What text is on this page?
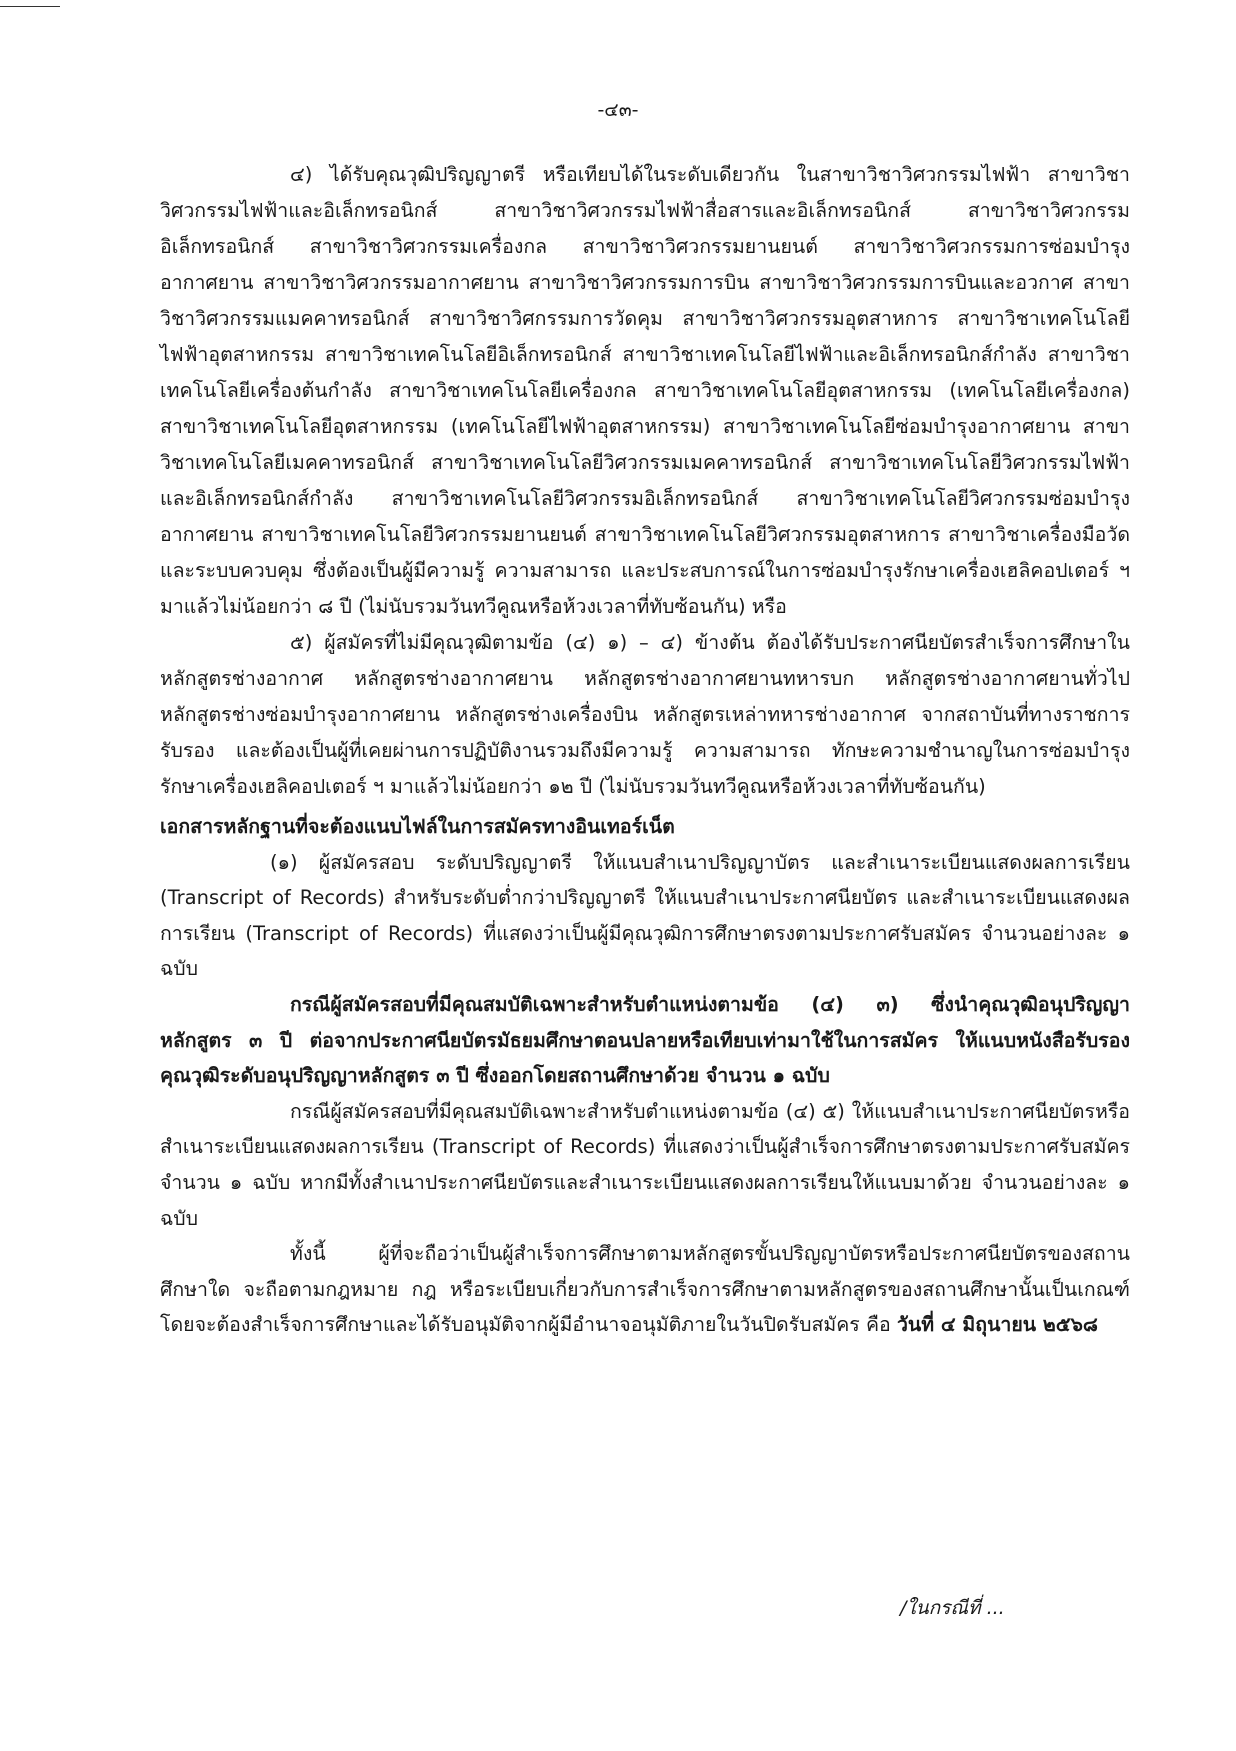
-๔๓-

๔) ได้รับคุณวุฒิปริญญาตรี หรือเทียบได้ในระดับเดียวกัน ในสาขาวิชาวิศวกรรมไฟฟ้า สาขาวิชาวิศวกรรมไฟฟ้าและอิเล็กทรอนิกส์ สาขาวิชาวิศวกรรมไฟฟ้าสื่อสารและอิเล็กทรอนิกส์ สาขาวิชาวิศวกรรมอิเล็กทรอนิกส์ สาขาวิชาวิศวกรรมเครื่องกล สาขาวิชาวิศวกรรมยานยนต์ สาขาวิชาวิศวกรรมการซ่อมบำรุงอากาศยาน สาขาวิชาวิศวกรรมอากาศยาน สาขาวิชาวิศวกรรมการบิน สาขาวิชาวิศวกรรมการบินและอวกาศ สาขาวิชาวิศวกรรมแมคคาทรอนิกส์ สาขาวิชาวิศกรรมการวัดคุม สาขาวิชาวิศวกรรมอุตสาหการ สาขาวิชาเทคโนโลยีไฟฟ้าอุตสาหกรรม สาขาวิชาเทคโนโลยีอิเล็กทรอนิกส์ สาขาวิชาเทคโนโลยีไฟฟ้าและอิเล็กทรอนิกส์กำลัง สาขาวิชาเทคโนโลยีเครื่องต้นกำลัง สาขาวิชาเทคโนโลยีเครื่องกล สาขาวิชาเทคโนโลยีอุตสาหกรรม (เทคโนโลยีเครื่องกล) สาขาวิชาเทคโนโลยีอุตสาหกรรม (เทคโนโลยีไฟฟ้าอุตสาหกรรม) สาขาวิชาเทคโนโลยีซ่อมบำรุงอากาศยาน สาขาวิชาเทคโนโลยีเมคคาทรอนิกส์ สาขาวิชาเทคโนโลยีวิศวกรรมเมคคาทรอนิกส์ สาขาวิชาเทคโนโลยีวิศวกรรมไฟฟ้าและอิเล็กทรอนิกส์กำลัง สาขาวิชาเทคโนโลยีวิศวกรรมอิเล็กทรอนิกส์ สาขาวิชาเทคโนโลยีวิศวกรรมซ่อมบำรุงอากาศยาน สาขาวิชาเทคโนโลยีวิศวกรรมยานยนต์ สาขาวิชาเทคโนโลยีวิศวกรรมอุตสาหการ สาขาวิชาเครื่องมือวัดและระบบควบคุม ซึ่งต้องเป็นผู้มีความรู้ ความสามารถ และประสบการณ์ในการซ่อมบำรุงรักษาเครื่องเฮลิคอปเตอร์ ฯ มาแล้วไม่น้อยกว่า ๘ ปี (ไม่นับรวมวันทวีคูณหรือห้วงเวลาที่ทับซ้อนกัน) หรือ

๕) ผู้สมัครที่ไม่มีคุณวุฒิตามข้อ (๔) ๑) – ๔) ข้างต้น ต้องได้รับประกาศนียบัตรสำเร็จการศึกษาในหลักสูตรช่างอากาศ หลักสูตรช่างอากาศยาน หลักสูตรช่างอากาศยานทหารบก หลักสูตรช่างอากาศยานทั่วไป หลักสูตรช่างซ่อมบำรุงอากาศยาน หลักสูตรช่างเครื่องบิน หลักสูตรเหล่าทหารช่างอากาศ จากสถาบันที่ทางราชการรับรอง และต้องเป็นผู้ที่เคยผ่านการปฏิบัติงานรวมถึงมีความรู้ ความสามารถ ทักษะความชำนาญในการซ่อมบำรุงรักษาเครื่องเฮลิคอปเตอร์ ฯ มาแล้วไม่น้อยกว่า ๑๒ ปี (ไม่นับรวมวันทวีคูณหรือห้วงเวลาที่ทับซ้อนกัน)

เอกสารหลักฐานที่จะต้องแนบไฟล์ในการสมัครทางอินเทอร์เน็ต

(๑) ผู้สมัครสอบ ระดับปริญญาตรี ให้แนบสำเนาปริญญาบัตร และสำเนาระเบียนแสดงผลการเรียน (Transcript of Records) สำหรับระดับต่ำกว่าปริญญาตรี ให้แนบสำเนาประกาศนียบัตร และสำเนาระเบียนแสดงผลการเรียน (Transcript of Records) ที่แสดงว่าเป็นผู้มีคุณวุฒิการศึกษาตรงตามประกาศรับสมัคร จำนวนอย่างละ ๑ ฉบับ

กรณีผู้สมัครสอบที่มีคุณสมบัติเฉพาะสำหรับตำแหน่งตามข้อ (๔) ๓) ซึ่งนำคุณวุฒิอนุปริญญา หลักสูตร ๓ ปี ต่อจากประกาศนียบัตรมัธยมศึกษาตอนปลายหรือเทียบเท่ามาใช้ในการสมัคร ให้แนบหนังสือรับรองคุณวุฒิระดับอนุปริญญาหลักสูตร ๓ ปี ซึ่งออกโดยสถานศึกษาด้วย จำนวน ๑ ฉบับ

กรณีผู้สมัครสอบที่มีคุณสมบัติเฉพาะสำหรับตำแหน่งตามข้อ (๔) ๕) ให้แนบสำเนาประกาศนียบัตรหรือสำเนาระเบียนแสดงผลการเรียน (Transcript of Records) ที่แสดงว่าเป็นผู้สำเร็จการศึกษาตรงตามประกาศรับสมัคร จำนวน ๑ ฉบับ หากมีทั้งสำเนาประกาศนียบัตรและสำเนาระเบียนแสดงผลการเรียนให้แนบมาด้วย จำนวนอย่างละ ๑ ฉบับ

ทั้งนี้ ผู้ที่จะถือว่าเป็นผู้สำเร็จการศึกษาตามหลักสูตรขั้นปริญญาบัตรหรือประกาศนียบัตรของสถานศึกษาใด จะถือตามกฎหมาย กฎ หรือระเบียบเกี่ยวกับการสำเร็จการศึกษาตามหลักสูตรของสถานศึกษานั้นเป็นเกณฑ์ โดยจะต้องสำเร็จการศึกษาและได้รับอนุมัติจากผู้มีอำนาจอนุมัติภายในวันปิดรับสมัคร คือ วันที่ ๔ มิถุนายน ๒๕๖๘

/ในกรณีที่ ...
